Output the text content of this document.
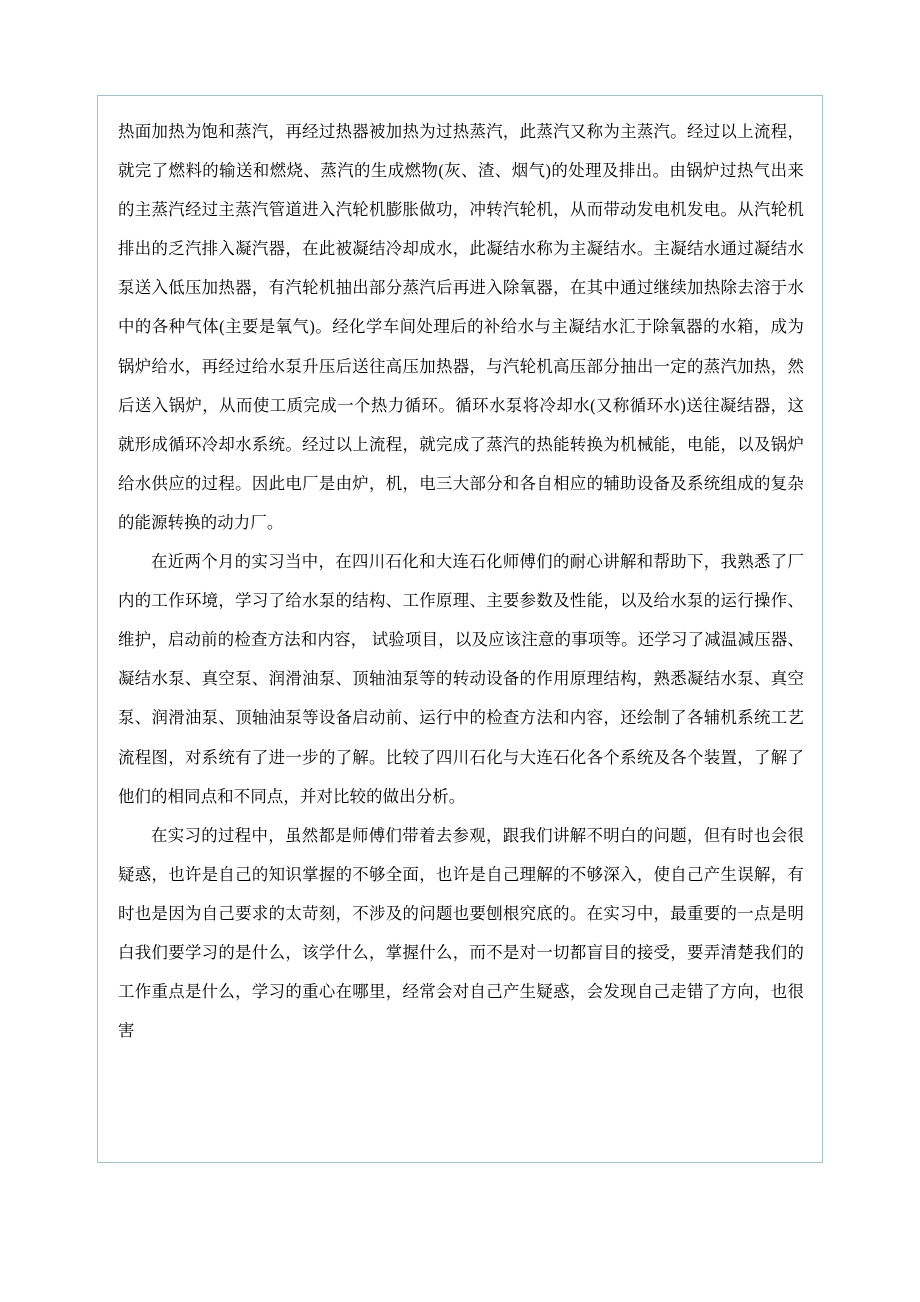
热面加热为饱和蒸汽，再经过热器被加热为过热蒸汽，此蒸汽又称为主蒸汽。经过以上流程，就完了燃料的输送和燃烧、蒸汽的生成燃物(灰、渣、烟气)的处理及排出。由锅炉过热气出来的主蒸汽经过主蒸汽管道进入汽轮机膨胀做功，冲转汽轮机，从而带动发电机发电。从汽轮机排出的乏汽排入凝汽器，在此被凝结冷却成水，此凝结水称为主凝结水。主凝结水通过凝结水泵送入低压加热器，有汽轮机抽出部分蒸汽后再进入除氧器，在其中通过继续加热除去溶于水中的各种气体(主要是氧气)。经化学车间处理后的补给水与主凝结水汇于除氧器的水箱，成为锅炉给水，再经过给水泵升压后送往高压加热器，与汽轮机高压部分抽出一定的蒸汽加热，然后送入锅炉，从而使工质完成一个热力循环。循环水泵将冷却水(又称循环水)送往凝结器，这就形成循环冷却水系统。经过以上流程，就完成了蒸汽的热能转换为机械能，电能，以及锅炉给水供应的过程。因此电厂是由炉，机，电三大部分和各自相应的辅助设备及系统组成的复杂的能源转换的动力厂。

在近两个月的实习当中，在四川石化和大连石化师傅们的耐心讲解和帮助下，我熟悉了厂内的工作环境，学习了给水泵的结构、工作原理、主要参数及性能，以及给水泵的运行操作、维护，启动前的检查方法和内容， 试验项目，以及应该注意的事项等。还学习了减温减压器、凝结水泵、真空泵、润滑油泵、顶轴油泵等的转动设备的作用原理结构，熟悉凝结水泵、真空泵、润滑油泵、顶轴油泵等设备启动前、运行中的检查方法和内容，还绘制了各辅机系统工艺流程图，对系统有了进一步的了解。比较了四川石化与大连石化各个系统及各个装置，了解了他们的相同点和不同点，并对比较的做出分析。

在实习的过程中，虽然都是师傅们带着去参观，跟我们讲解不明白的问题，但有时也会很疑惑，也许是自己的知识掌握的不够全面，也许是自己理解的不够深入，使自己产生误解，有时也是因为自己要求的太苛刻，不涉及的问题也要刨根究底的。在实习中，最重要的一点是明白我们要学习的是什么，该学什么，掌握什么，而不是对一切都盲目的接受，要弄清楚我们的工作重点是什么，学习的重心在哪里，经常会对自己产生疑惑，会发现自己走错了方向，也很害
